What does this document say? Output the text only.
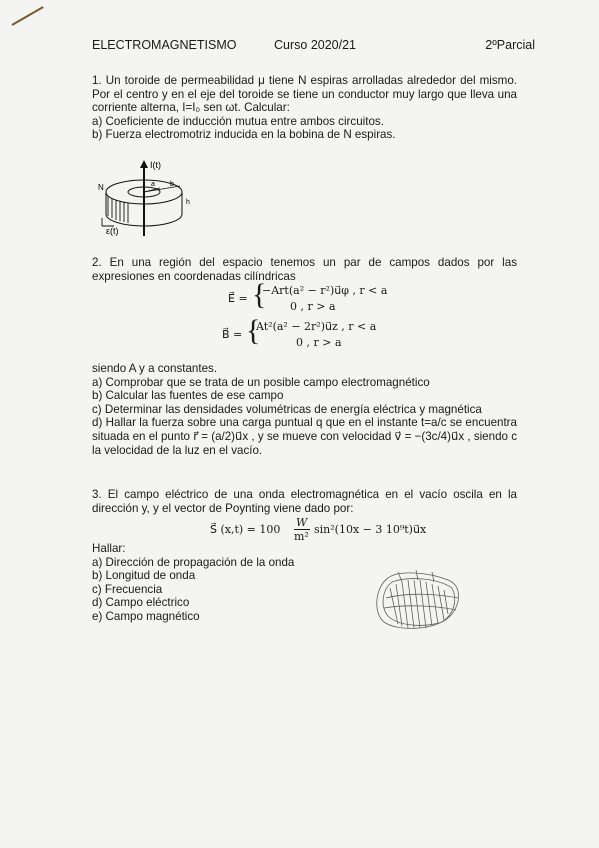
ELECTROMAGNETISMO	Curso 2020/21	2ºParcial

1. Un toroide de permeabilidad μ tiene N espiras arrolladas alrededor del mismo. Por el centro y en el eje del toroide se tiene un conductor muy largo que lleva una corriente alterna, I=I₀ sen ωt. Calcular:

a) Coeficiente de inducción mutua entre ambos circuitos.
b) Fuerza electromotriz inducida en la bobina de N espiras.
I(t)
N	a b
h
ε(t)

2. En una región del espacio tenemos un par de campos dados por las expresiones en coordenadas cilíndricas

E⃗ = {
−Art(a² − r²)u⃗φ , r < a
0 , r > a
B⃗ = {
At²(a² − 2r²)u⃗z , r < a
0 , r > a
siendo A y a constantes.
a) Comprobar que se trata de un posible campo electromagnético
b) Calcular las fuentes de ese campo
c) Determinar las densidades volumétricas de energía eléctrica y magnética

d) Hallar la fuerza sobre una carga puntual q que en el instante t=a/c se encuentra situada en el punto r⃗ = (a/2)u⃗x , y se mueve con velocidad v⃗ = −(3c/4)u⃗x , siendo c la velocidad de la luz en el vacío.

3. El campo eléctrico de una onda electromagnética en el vacío oscila en la dirección y, y el vector de Poynting viene dado por:

S⃗ (x,t) = 100
W
m²
sin²(10x − 3 10⁹t)u⃗x
Hallar:
a) Dirección de propagación de la onda
b) Longitud de onda
c) Frecuencia
d) Campo eléctrico
e) Campo magnético
